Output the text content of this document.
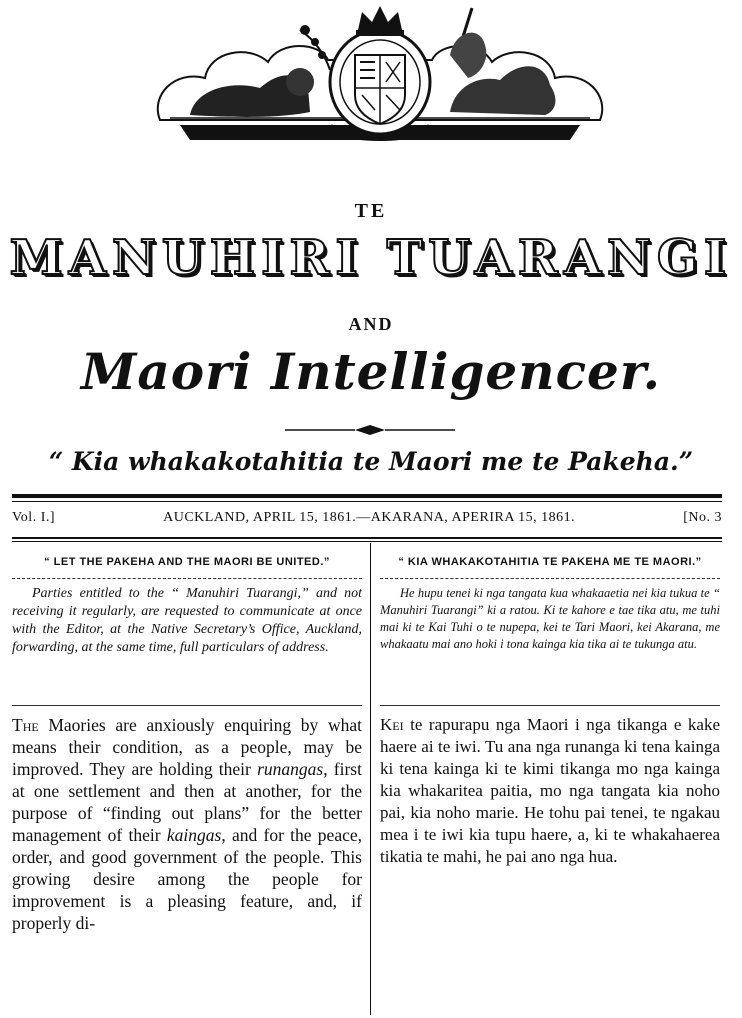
TE
MANUHIRI TUARANGI
AND
Maori Intelligencer.
“ Kia whakakotahitia te Maori me te Pakeha.”
Vol. I.]	AUCKLAND, APRIL 15, 1861.—AKARANA, APERIRA 15, 1861.	[No. 3
“ LET THE PAKEHA AND THE MAORI BE UNITED.”
Parties entitled to the “ Manuhiri Tuarangi,” and not receiving it regularly, are requested to communicate at once with the Editor, at the Native Secretary’s Office, Auckland, forwarding, at the same time, full particulars of address.
The Maories are anxiously enquiring by what means their condition, as a people, may be improved. They are holding their runangas, first at one settlement and then at another, for the purpose of “finding out plans” for the better management of their kaingas, and for the peace, order, and good government of the people. This growing desire among the people for improvement is a pleasing feature, and, if properly di-
“ KIA WHAKAKOTAHITIA TE PAKEHA ME TE MAORI.”
He hupu tenei ki nga tangata kua whakaaetia nei kia tukua te “ Manuhiri Tuarangi” ki a ratou. Ki te kahore e tae tika atu, me tuhi mai ki te Kai Tuhi o te nupepa, kei te Tari Maori, kei Akarana, me whakaatu mai ano hoki i tona kainga kia tika ai te tukunga atu.
Kei te rapurapu nga Maori i nga tikanga e kake haere ai te iwi. Tu ana nga runanga ki tena kainga ki tena kainga ki te kimi tikanga mo nga kainga kia whakaritea paitia, mo nga tangata kia noho pai, kia noho marie. He tohu pai tenei, te ngakau mea i te iwi kia tupu haere, a, ki te whakahaerea tikatia te mahi, he pai ano nga hua.
